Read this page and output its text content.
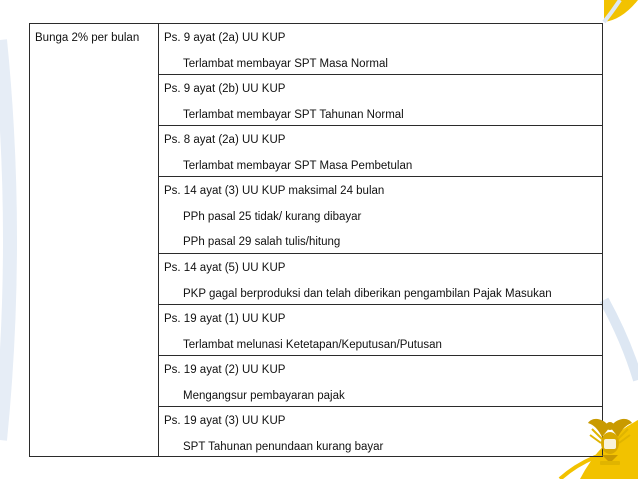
Bunga 2% per bulan Ps. 9 ayat (2a) UU KUP
Terlambat membayar SPT Masa Normal
Ps. 9 ayat (2b) UU KUP
Terlambat membayar SPT Tahunan Normal
Ps. 8 ayat (2a) UU KUP
Terlambat membayar SPT Masa Pembetulan
Ps. 14 ayat (3) UU KUP maksimal 24 bulan
PPh pasal 25 tidak/ kurang dibayar
PPh pasal 29 salah tulis/hitung
Ps. 14 ayat (5) UU KUP
PKP gagal berproduksi dan telah diberikan pengambilan Pajak Masukan
Ps. 19 ayat (1) UU KUP
Terlambat melunasi Ketetapan/Keputusan/Putusan
Ps. 19 ayat (2) UU KUP
Mengangsur pembayaran pajak
Ps. 19 ayat (3) UU KUP
SPT Tahunan penundaan kurang bayar
